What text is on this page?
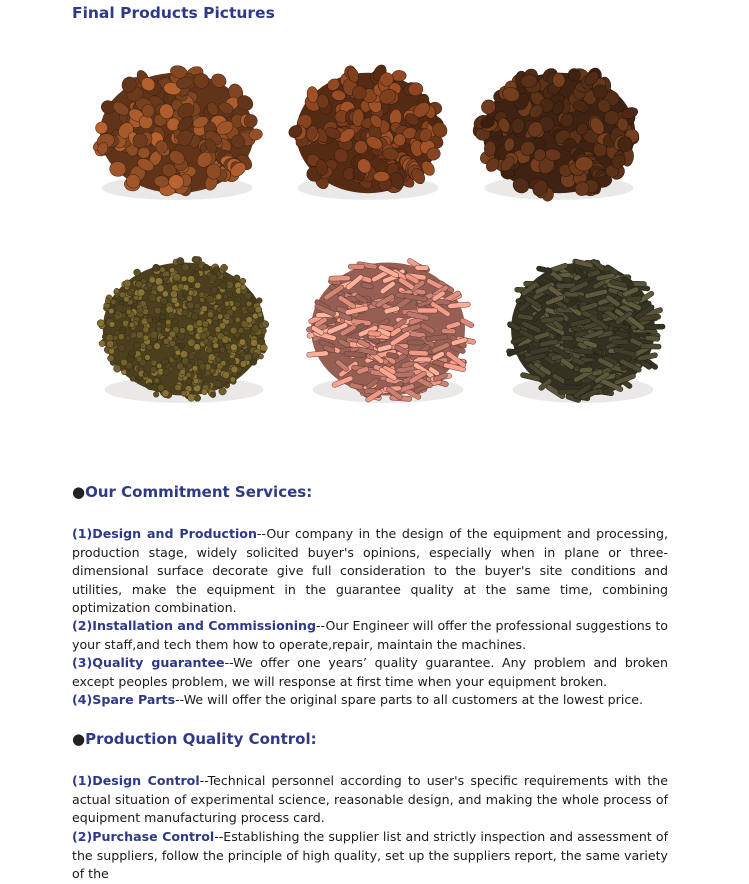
Final Products Pictures
●Our Commitment Services:

(1)Design and Production--Our company in the design of the equipment and processing, production stage, widely solicited buyer's opinions, especially when in plane or three-dimensional surface decorate give full consideration to the buyer's site conditions and utilities, make the equipment in the guarantee quality at the same time, combining optimization combination.

(2)Installation and Commissioning--Our Engineer will offer the professional suggestions to your staff,and tech them how to operate,repair, maintain the machines.

(3)Quality guarantee--We offer one years’ quality guarantee. Any problem and broken except peoples problem, we will response at first time when your equipment broken.

(4)Spare Parts--We will offer the original spare parts to all customers at the lowest price.

●Production Quality Control:

(1)Design Control--Technical personnel according to user's specific requirements with the actual situation of experimental science, reasonable design, and making the whole process of equipment manufacturing process card.

(2)Purchase Control--Establishing the supplier list and strictly inspection and assessment of the suppliers, follow the principle of high quality, set up the suppliers report, the same variety of the
